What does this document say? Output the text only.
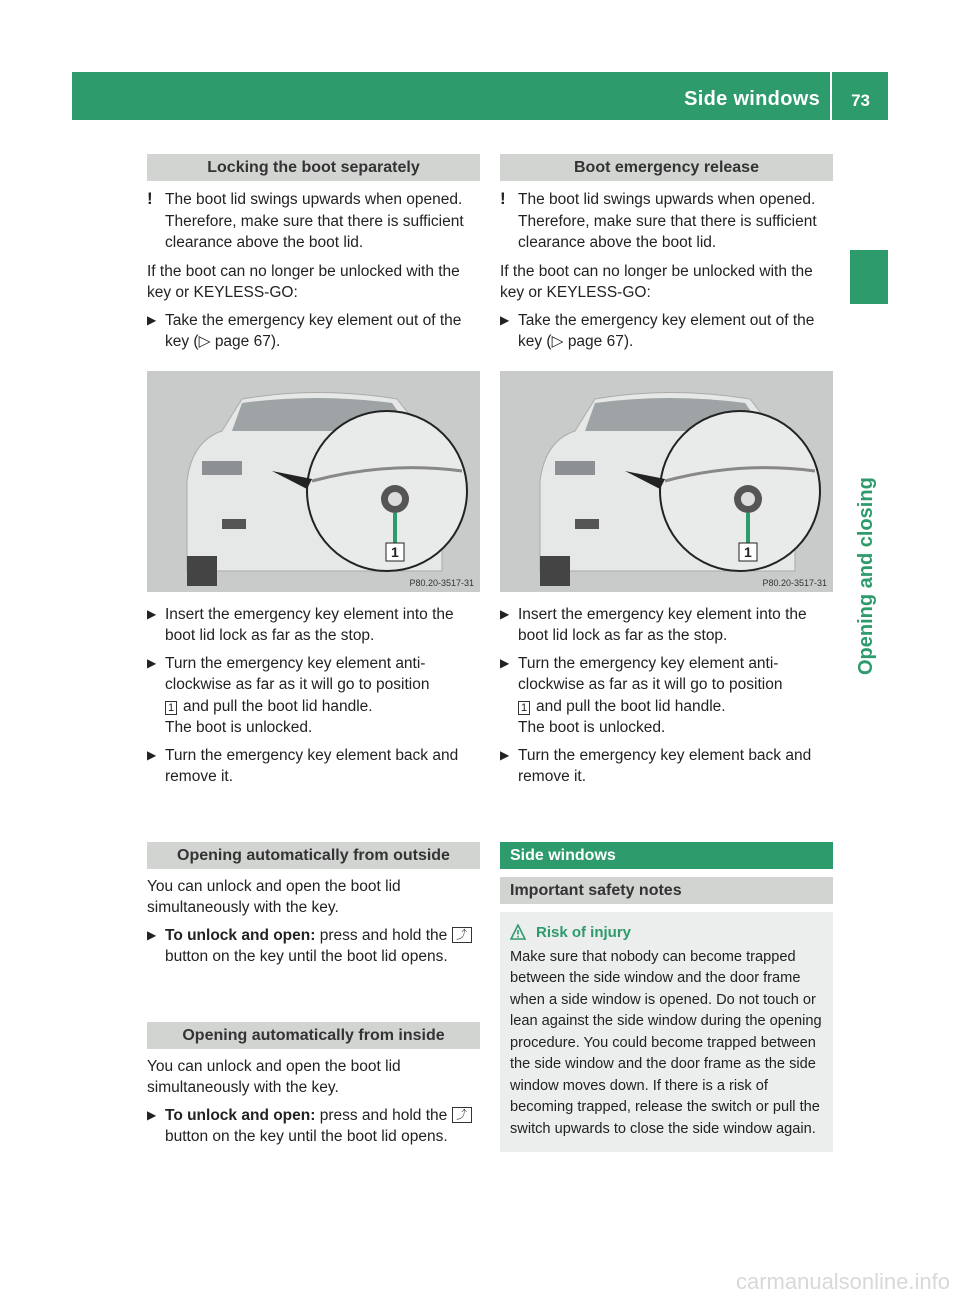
Side windows 73
Opening and closing
Locking the boot separately
! The boot lid swings upwards when opened. Therefore, make sure that there is sufficient clearance above the boot lid.

If the boot can no longer be unlocked with the key or KEYLESS-GO:

▶ Take the emergency key element out of the key (▷ page 67).

1
P80.20-3517-31
▶ Insert the emergency key element into the boot lid lock as far as the stop.

▶ Turn the emergency key element anti-clockwise as far as it will go to position
1 and pull the boot lid handle.
The boot is unlocked.

▶ Turn the emergency key element back and remove it.

Opening automatically from outside

You can unlock and open the boot lid simultaneously with the key.

▶ To unlock and open: press and hold the ⤴ button on the key until the boot lid opens.

Opening automatically from inside

You can unlock and open the boot lid simultaneously with the key.

▶ To unlock and open: press and hold the ⤴ button on the key until the boot lid opens.

Boot emergency release
! The boot lid swings upwards when opened. Therefore, make sure that there is sufficient clearance above the boot lid.

If the boot can no longer be unlocked with the key or KEYLESS-GO:

▶ Take the emergency key element out of the key (▷ page 67).

1
P80.20-3517-31
▶ Insert the emergency key element into the boot lid lock as far as the stop.

▶ Turn the emergency key element anti-clockwise as far as it will go to position
1 and pull the boot lid handle.
The boot is unlocked.

▶ Turn the emergency key element back and remove it.

Side windows
Important safety notes
Risk of injury

Make sure that nobody can become trapped between the side window and the door frame when a side window is opened. Do not touch or lean against the side window during the opening procedure. You could become trapped between the side window and the door frame as the side window moves down. If there is a risk of becoming trapped, release the switch or pull the switch upwards to close the side window again.

carmanualsonline.info
